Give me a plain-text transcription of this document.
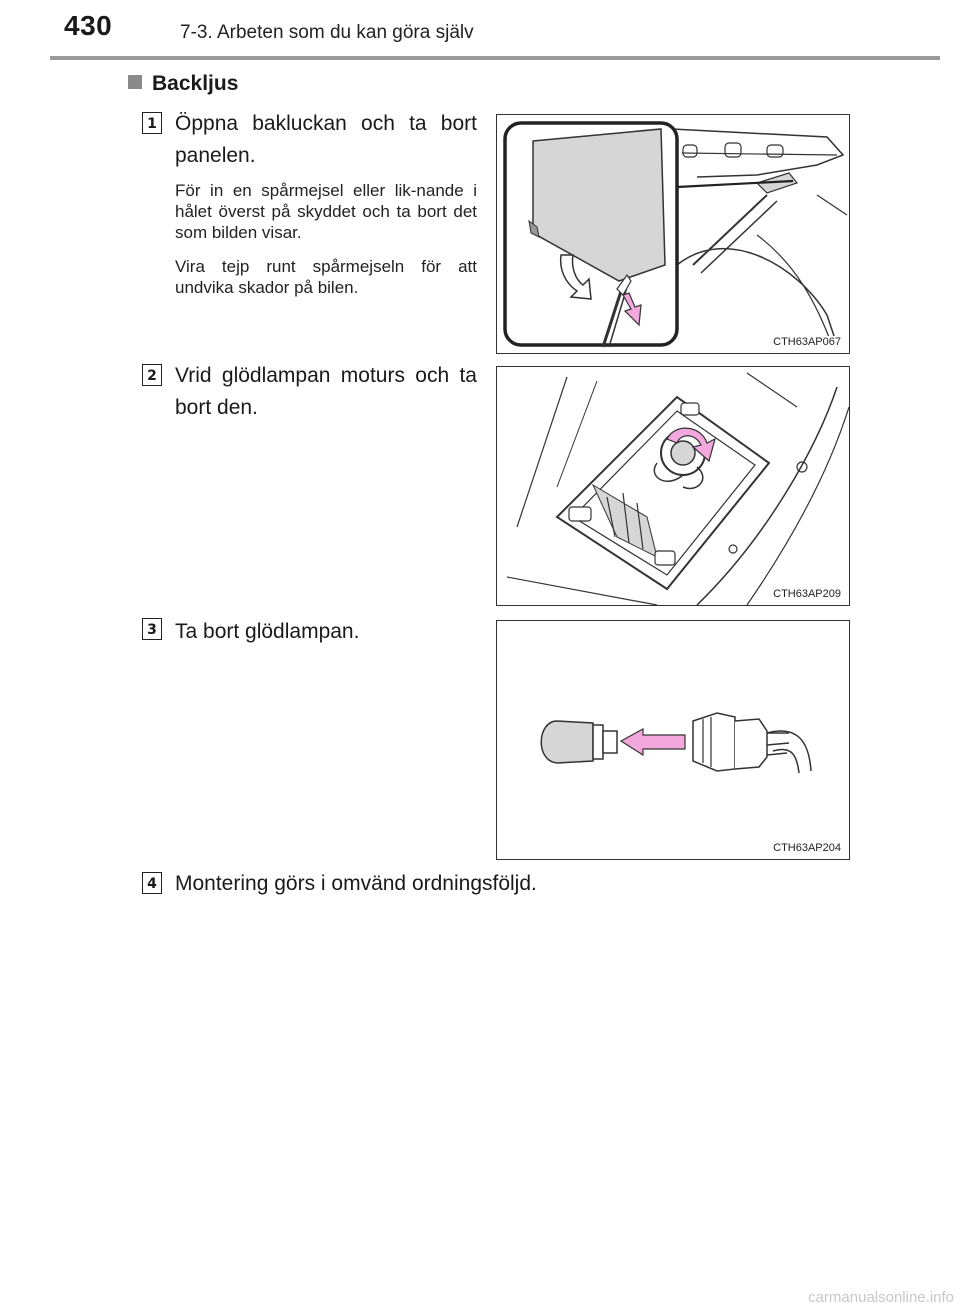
430	7-3. Arbeten som du kan göra själv
Backljus
1 Öppna bakluckan och ta bort panelen.
För in en spårmejsel eller lik-nande i hålet överst på skyddet och ta bort det som bilden visar.
Vira tejp runt spårmejseln för att undvika skador på bilen.
CTH63AP067
2 Vrid glödlampan moturs och ta bort den.
CTH63AP209
3 Ta bort glödlampan.
CTH63AP204
4 Montering görs i omvänd ordningsföljd.
carmanualsonline.info
